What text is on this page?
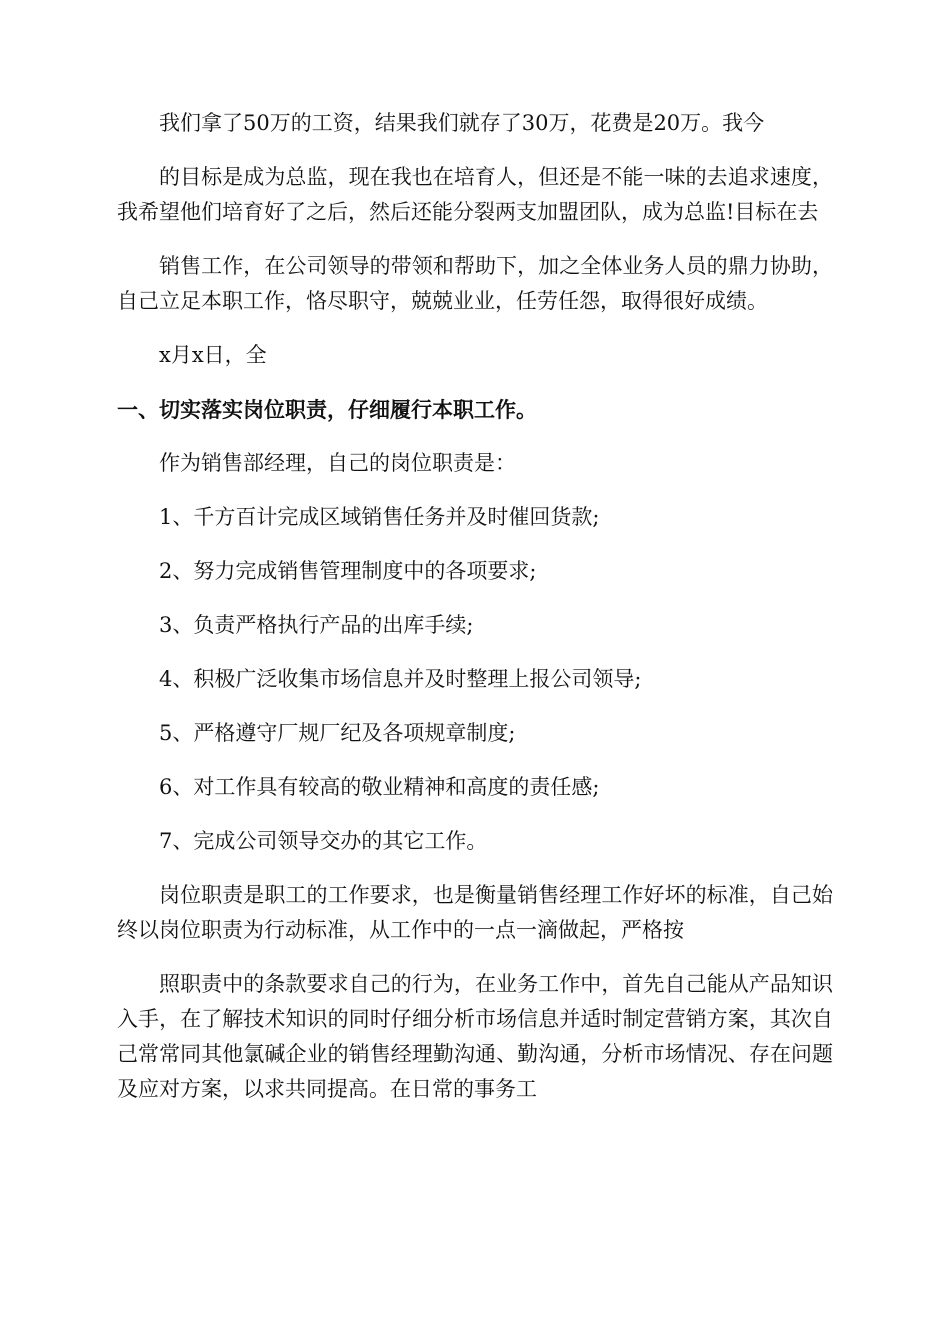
我们拿了50万的工资，结果我们就存了30万，花费是20万。我今

的目标是成为总监，现在我也在培育人，但还是不能一味的去追求速度，我希望他们培育好了之后，然后还能分裂两支加盟团队，成为总监!目标在去

销售工作，在公司领导的带领和帮助下，加之全体业务人员的鼎力协助，自己立足本职工作，恪尽职守，兢兢业业，任劳任怨，取得很好成绩。

x月x日，全

一、切实落实岗位职责，仔细履行本职工作。

作为销售部经理，自己的岗位职责是：

1、千方百计完成区域销售任务并及时催回货款;

2、努力完成销售管理制度中的各项要求;

3、负责严格执行产品的出库手续;

4、积极广泛收集市场信息并及时整理上报公司领导;

5、严格遵守厂规厂纪及各项规章制度;

6、对工作具有较高的敬业精神和高度的责任感;

7、完成公司领导交办的其它工作。

岗位职责是职工的工作要求，也是衡量销售经理工作好坏的标准，自己始终以岗位职责为行动标准，从工作中的一点一滴做起，严格按

照职责中的条款要求自己的行为，在业务工作中，首先自己能从产品知识入手，在了解技术知识的同时仔细分析市场信息并适时制定营销方案，其次自己常常同其他氯碱企业的销售经理勤沟通、勤沟通，分析市场情况、存在问题及应对方案，以求共同提高。在日常的事务工
